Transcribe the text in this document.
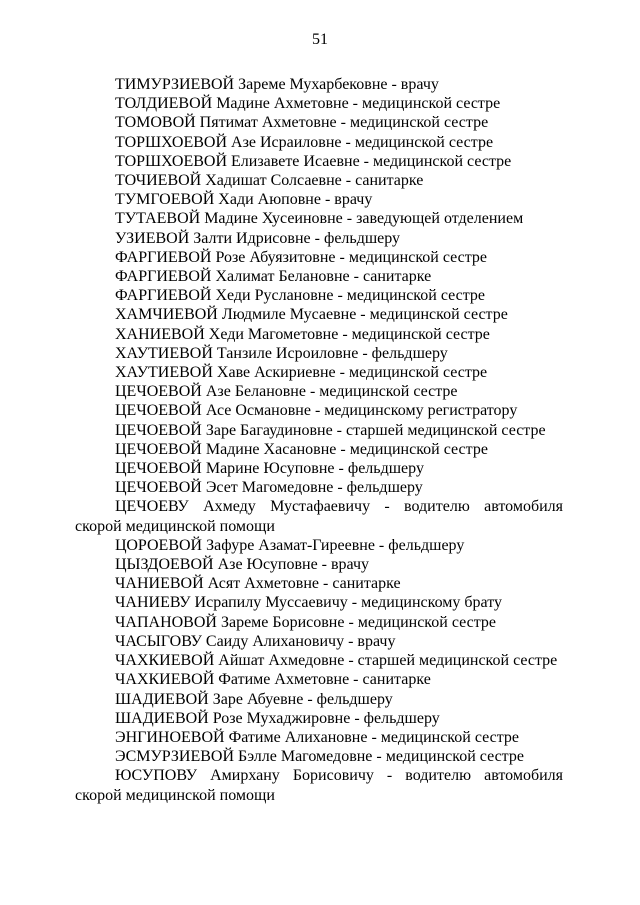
51
ТИМУРЗИЕВОЙ Зареме Мухарбековне - врачу
ТОЛДИЕВОЙ Мадине Ахметовне - медицинской сестре
ТОМОВОЙ Пятимат Ахметовне - медицинской сестре
ТОРШХОЕВОЙ Азе Исраиловне - медицинской сестре
ТОРШХОЕВОЙ Елизавете Исаевне - медицинской сестре
ТОЧИЕВОЙ Хадишат Солсаевне - санитарке
ТУМГОЕВОЙ Хади Аюповне - врачу
ТУТАЕВОЙ Мадине Хусеиновне - заведующей отделением
УЗИЕВОЙ Залти Идрисовне - фельдшеру
ФАРГИЕВОЙ Розе Абуязитовне - медицинской сестре
ФАРГИЕВОЙ Халимат Белановне - санитарке
ФАРГИЕВОЙ Хеди Руслановне - медицинской сестре
ХАМЧИЕВОЙ Людмиле Мусаевне - медицинской сестре
ХАНИЕВОЙ Хеди Магометовне - медицинской сестре
ХАУТИЕВОЙ Танзиле Исроиловне - фельдшеру
ХАУТИЕВОЙ Хаве Аскириевне - медицинской сестре
ЦЕЧОЕВОЙ Азе Белановне - медицинской сестре
ЦЕЧОЕВОЙ Асе Османовне - медицинскому регистратору
ЦЕЧОЕВОЙ Заре Багаудиновне - старшей медицинской сестре
ЦЕЧОЕВОЙ Мадине Хасановне - медицинской сестре
ЦЕЧОЕВОЙ Марине Юсуповне - фельдшеру
ЦЕЧОЕВОЙ Эсет Магомедовне - фельдшеру
ЦЕЧОЕВУ Ахмеду Мустафаевичу - водителю автомобиля
скорой медицинской помощи
ЦОРОЕВОЙ Зафуре Азамат-Гиреевне - фельдшеру
ЦЫЗДОЕВОЙ Азе Юсуповне - врачу
ЧАНИЕВОЙ Асят Ахметовне - санитарке
ЧАНИЕВУ Исрапилу Муссаевичу - медицинскому брату
ЧАПАНОВОЙ Зареме Борисовне - медицинской сестре
ЧАСЫГОВУ Саиду Алихановичу - врачу
ЧАХКИЕВОЙ Айшат Ахмедовне - старшей медицинской сестре
ЧАХКИЕВОЙ Фатиме Ахметовне - санитарке
ШАДИЕВОЙ Заре Абуевне - фельдшеру
ШАДИЕВОЙ Розе Мухаджировне - фельдшеру
ЭНГИНОЕВОЙ Фатиме Алихановне - медицинской сестре
ЭСМУРЗИЕВОЙ Бэлле Магомедовне - медицинской сестре
ЮСУПОВУ Амирхану Борисовичу - водителю автомобиля
скорой медицинской помощи
